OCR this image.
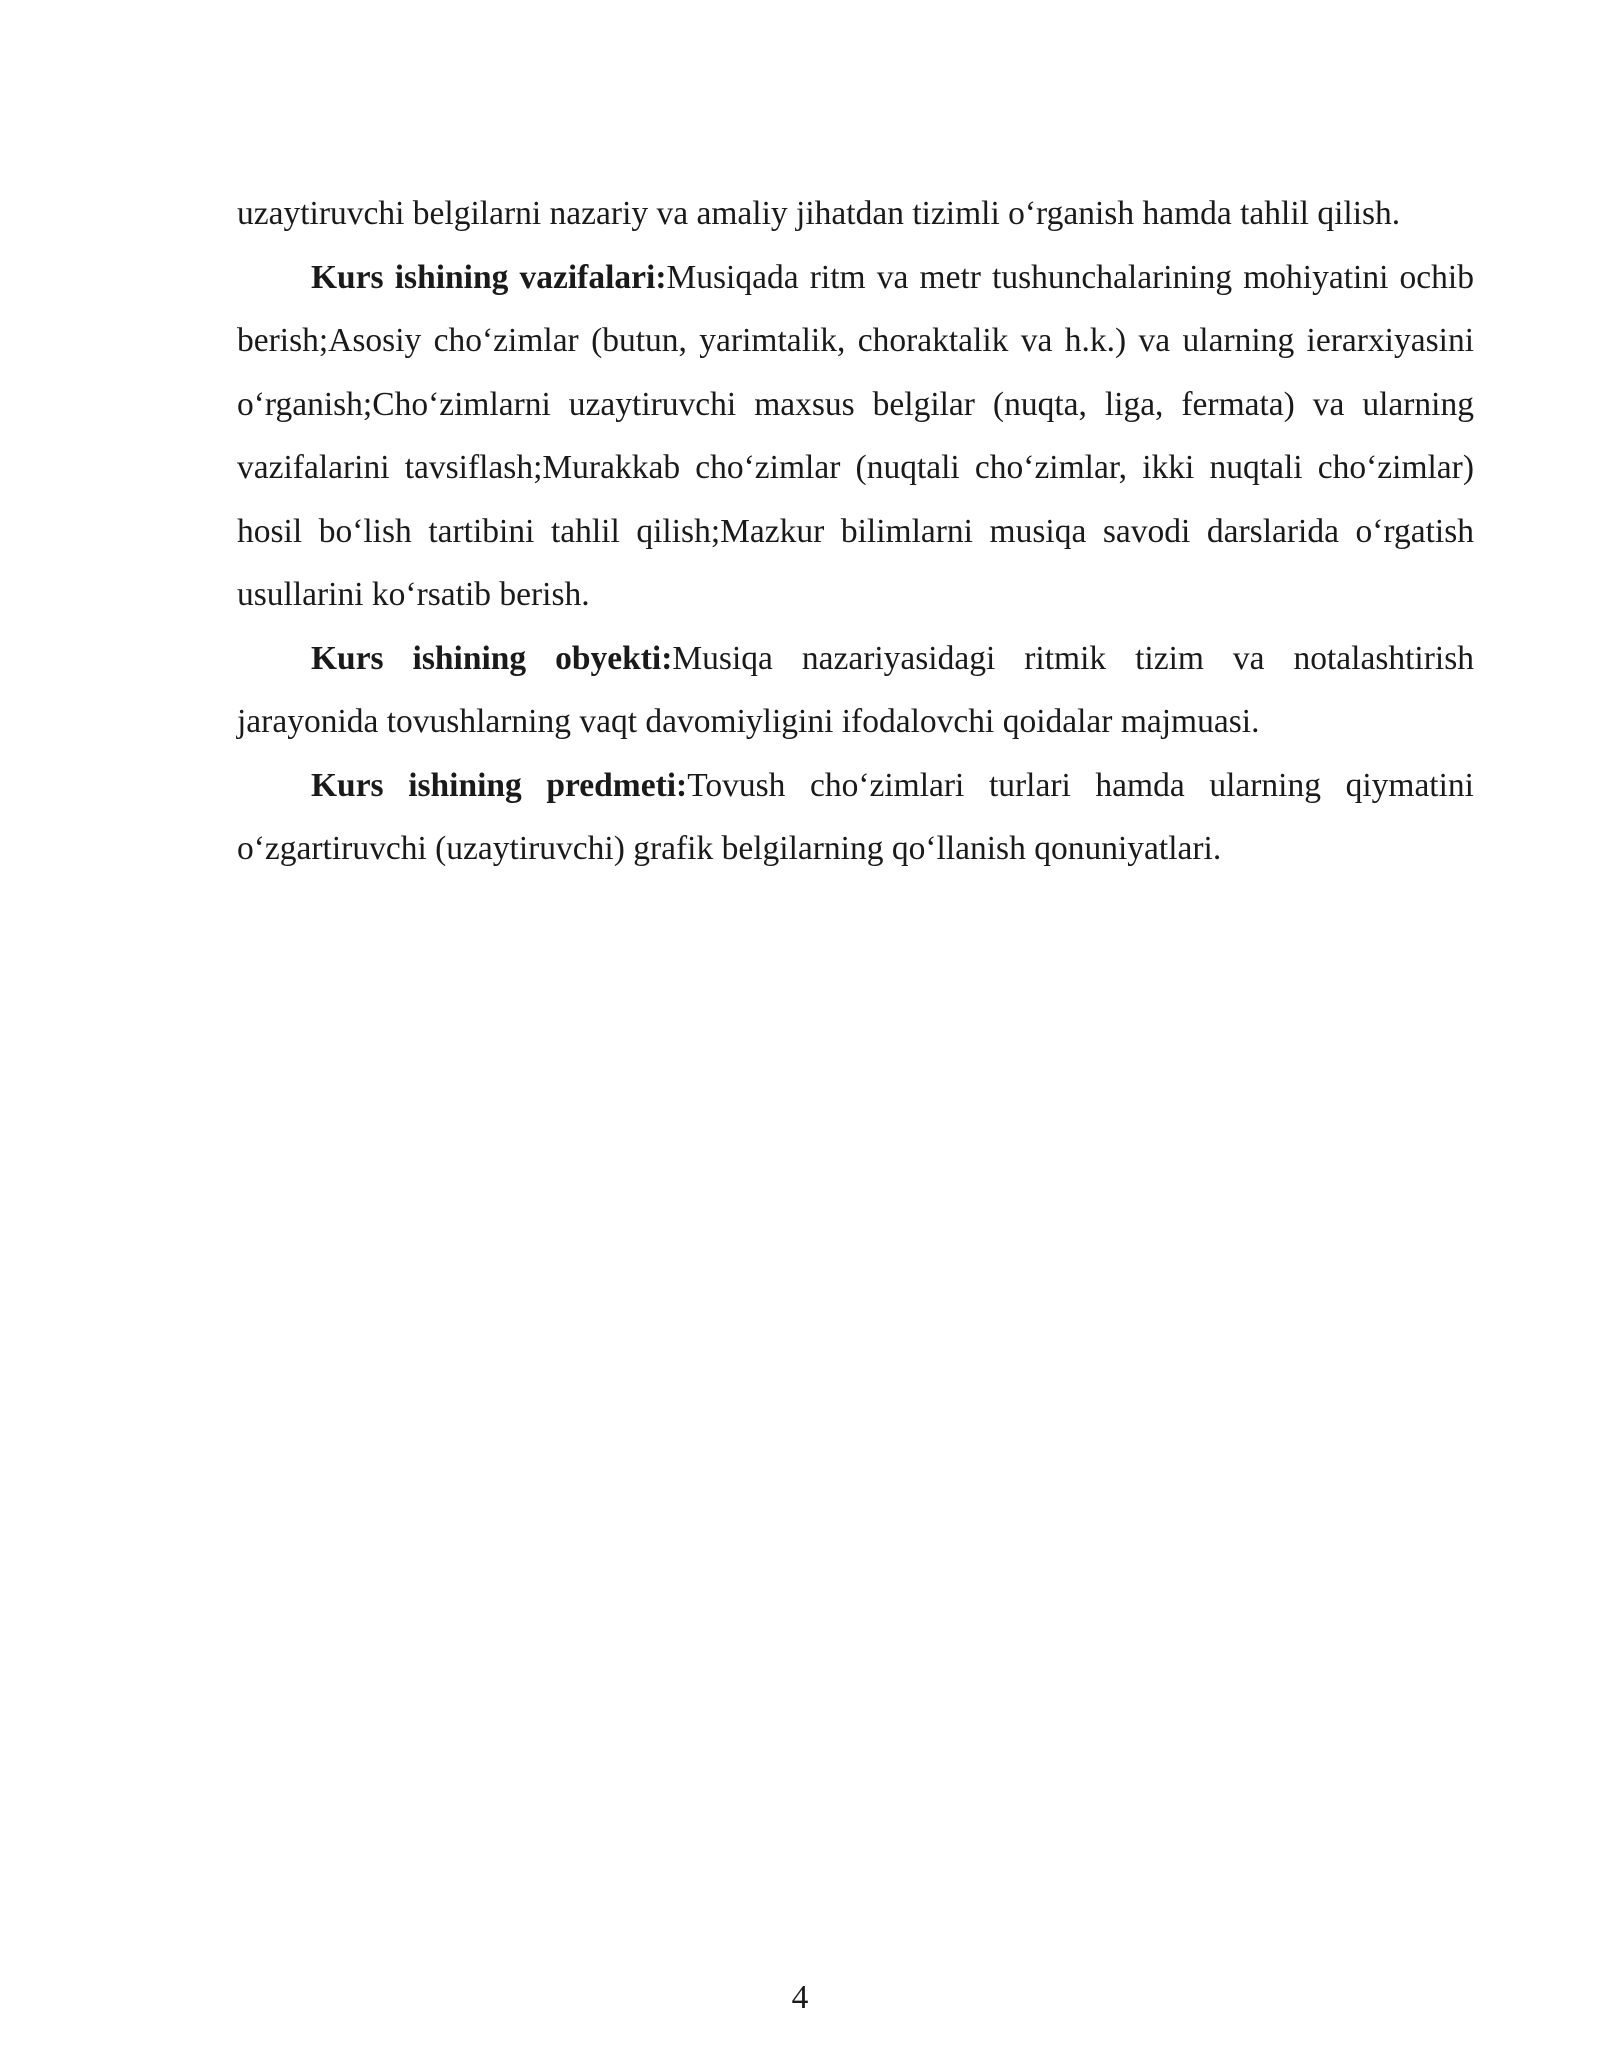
uzaytiruvchi belgilarni nazariy va amaliy jihatdan tizimli o‘rganish hamda tahlil qilish.

Kurs ishining vazifalari:Musiqada ritm va metr tushunchalarining mohiyatini ochib berish;Asosiy cho‘zimlar (butun, yarimtalik, choraktalik va h.k.) va ularning ierarxiyasini o‘rganish;Cho‘zimlarni uzaytiruvchi maxsus belgilar (nuqta, liga, fermata) va ularning vazifalarini tavsiflash;Murakkab cho‘zimlar (nuqtali cho‘zimlar, ikki nuqtali cho‘zimlar) hosil bo‘lish tartibini tahlil qilish;Mazkur bilimlarni musiqa savodi darslarida o‘rgatish usullarini ko‘rsatib berish.

Kurs ishining obyekti:Musiqa nazariyasidagi ritmik tizim va notalashtirish jarayonida tovushlarning vaqt davomiyligini ifodalovchi qoidalar majmuasi.

Kurs ishining predmeti:Tovush cho‘zimlari turlari hamda ularning qiymatini o‘zgartiruvchi (uzaytiruvchi) grafik belgilarning qo‘llanish qonuniyatlari.

4
